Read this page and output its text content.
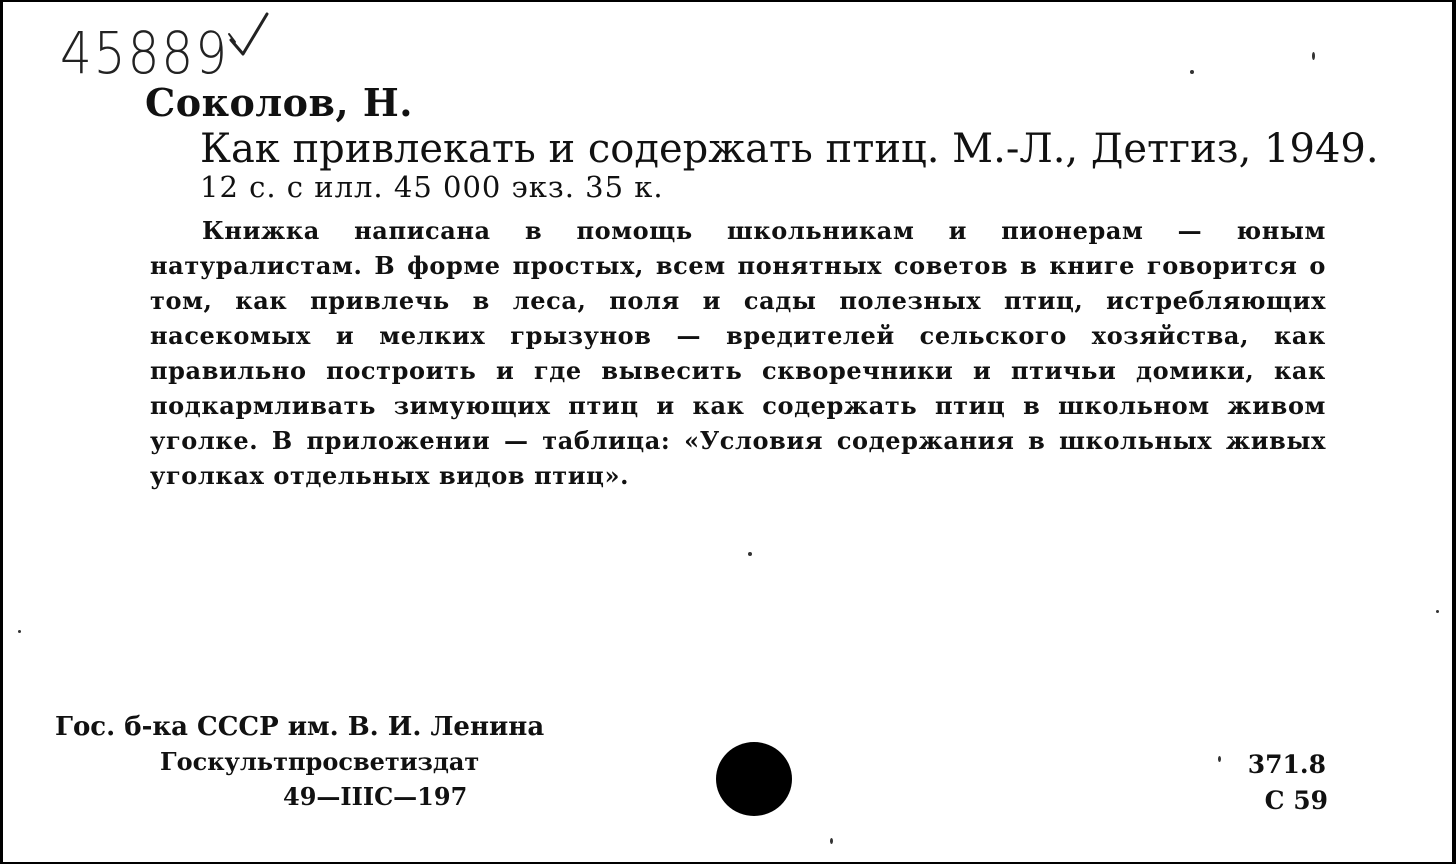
45889
Соколов, Н.
Как привлекать и содержать птиц. М.-Л., Детгиз, 1949.
12 с. с илл. 45 000 экз. 35 к.
Книжка написана в помощь школьникам и пионерам — юным натуралистам. В форме простых, всем понятных советов в книге говорится о том, как привлечь в леса, поля и сады полезных птиц, истребляющих насекомых и мелких грызунов — вредителей сельского хозяйства, как правильно построить и где вывесить скворечники и птичьи домики, как подкармливать зимующих птиц и как содержать птиц в школьном живом уголке. В приложении — таблица: «Условия содержания в школьных живых уголках отдельных видов птиц».
Гос. б-ка СССР им. В. И. Ленина
Госкультпросветиздат
49—IIIС—197
371.8
С 59
